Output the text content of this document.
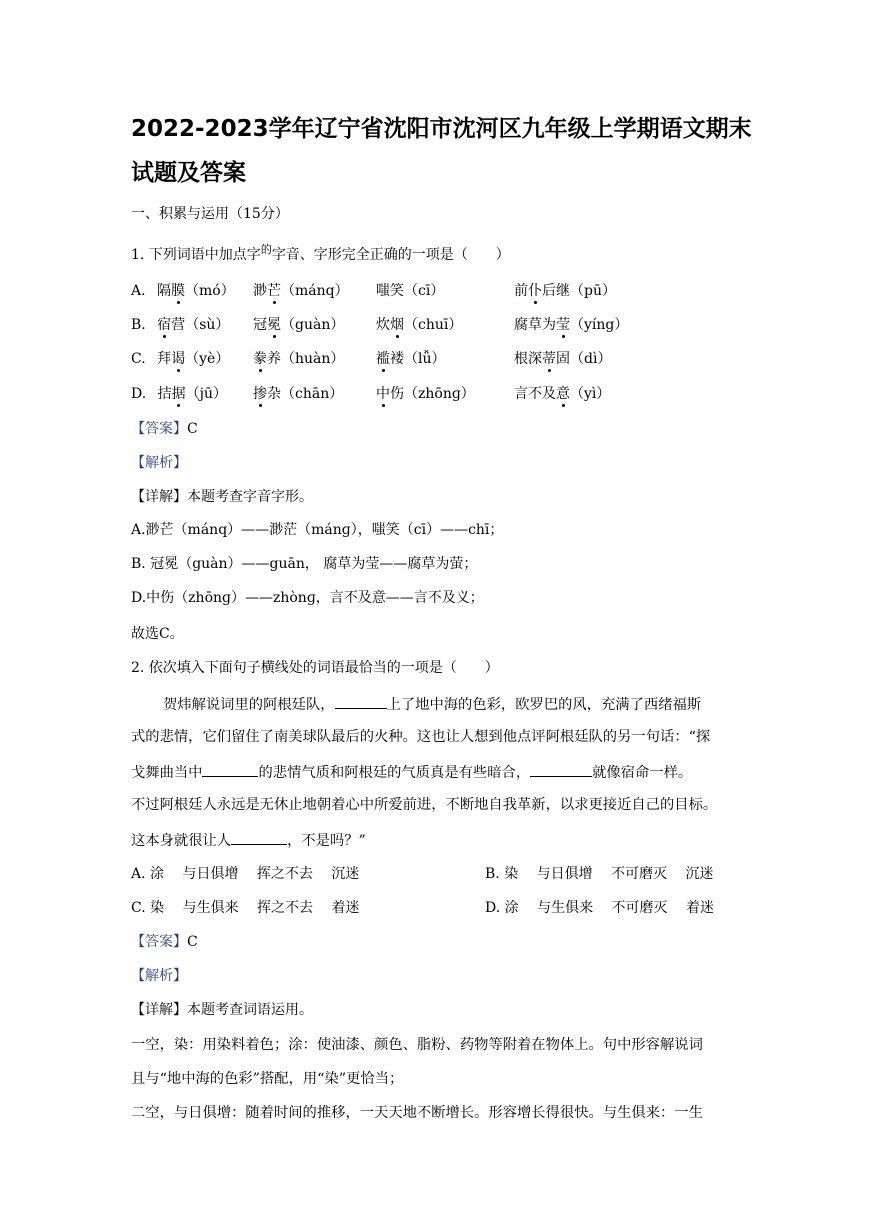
2022-2023学年辽宁省沈阳市沈河区九年级上学期语文期末
试题及答案
一、积累与运用（15分）
1. 下列词语中加点字$^的$字音、字形完全正确的一项是（　　）
A.  隔膜（mó） 渺芒（mánq） 嗤笑（cī）	前仆后继（pū）
B.  宿营（sù） 冠冕（guàn） 炊烟（chuī）	腐草为莹（yíng）
C.  拜谒（yè） 豢养（huàn） 褴褛（lǚ）	根深蒂固（dì）
D.  拮据（jū） 掺杂（chān） 中伤（zhōnɡ）	言不及意（yì）
【答案】C
【解析】
【详解】本题考查字音字形。
A.渺芒（mánq）——渺茫（mánɡ），嗤笑（cī）——chī；
B. 冠冕（guàn）——guān， 腐草为莹——腐草为萤；
D.中伤（zhōnɡ）——zhònɡ，言不及意——言不及义；
故选C。
2. 依次填入下面句子横线处的词语最恰当的一项是（　　）
贺炜解说词里的阿根廷队，	上了地中海的色彩，欧罗巴的风，充满了西绪福斯
式的悲情，它们留住了南美球队最后的火种。这也让人想到他点评阿根廷队的另一句话：“探
戈舞曲当中	的悲情气质和阿根廷的气质真是有些暗合，	就像宿命一样。
不过阿根廷人永远是无休止地朝着心中所爱前进，不断地自我革新，以求更接近自己的目标。
这本身就很让人	，不是吗？”
A. 涂　 与日俱增　 挥之不去　 沉迷	B. 染　 与日俱增　 不可磨灭　 沉迷
C. 染　 与生俱来　 挥之不去　 着迷	D. 涂　 与生俱来　 不可磨灭　 着迷
【答案】C
【解析】
【详解】本题考查词语运用。
一空，染：用染料着色；涂：使油漆、颜色、脂粉、药物等附着在物体上。句中形容解说词
且与“地中海的色彩”搭配，用“染”更恰当；
二空，与日俱增：随着时间的推移，一天天地不断增长。形容增长得很快。与生俱来：一生
